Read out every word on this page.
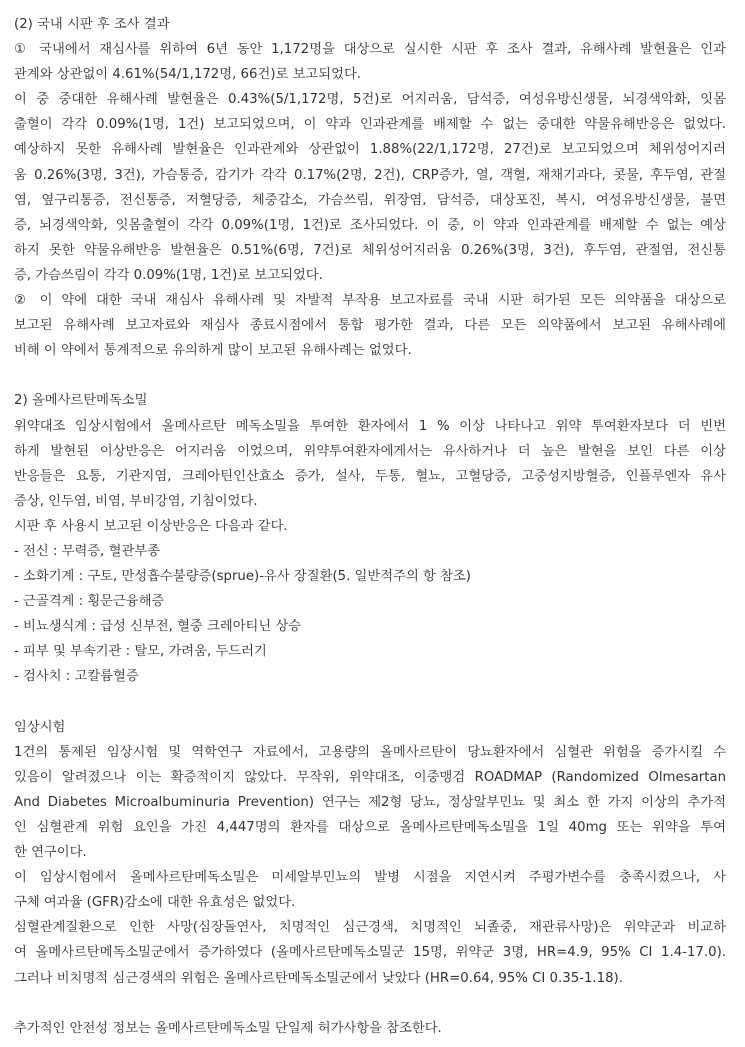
(2) 국내 시판 후 조사 결과
① 국내에서 재심사를 위하여 6년 동안 1,172명을 대상으로 실시한 시판 후 조사 결과, 유해사례 발현율은 인과
관계와 상관없이 4.61%(54/1,172명, 66건)로 보고되었다.
이 중 중대한 유해사례 발현율은 0.43%(5/1,172명, 5건)로 어지러움, 담석증, 여성유방신생물, 뇌경색악화, 잇몸
출혈이 각각 0.09%(1명, 1건) 보고되었으며, 이 약과 인과관계를 배제할 수 없는 중대한 약물유해반응은 없었다.
예상하지 못한 유해사례 발현율은 인과관계와 상관없이 1.88%(22/1,172명, 27건)로 보고되었으며 체위성어지러
움 0.26%(3명, 3건), 가슴통증, 감기가 각각 0.17%(2명, 2건), CRP증가, 열, 객혈, 재채기과다, 콧물, 후두염, 관절
염, 옆구리통증, 전신통증, 저혈당증, 체중감소, 가슴쓰림, 위장염, 담석증, 대상포진, 복시, 여성유방신생물, 불면
증, 뇌경색악화, 잇몸출혈이 각각 0.09%(1명, 1건)로 조사되었다. 이 중, 이 약과 인과관계를 배제할 수 없는 예상
하지 못한 약물유해반응 발현율은 0.51%(6명, 7건)로 체위성어지러움 0.26%(3명, 3건), 후두염, 관절염, 전신통
증, 가슴쓰림이 각각 0.09%(1명, 1건)로 보고되었다.
② 이 약에 대한 국내 재심사 유해사례 및 자발적 부작용 보고자료를 국내 시판 허가된 모든 의약품을 대상으로
보고된 유해사례 보고자료와 재심사 종료시점에서 통합 평가한 결과, 다른 모든 의약품에서 보고된 유해사례에
비해 이 약에서 통계적으로 유의하게 많이 보고된 유해사례는 없었다.
2) 올메사르탄메독소밀
위약대조 임상시험에서 올메사르탄 메독소밀을 투여한 환자에서 1 % 이상 나타나고 위약 투여환자보다 더 빈번
하게 발현된 이상반응은 어지러움 이었으며, 위약투여환자에게서는 유사하거나 더 높은 발현을 보인 다른 이상
반응들은 요통, 기관지염, 크레아틴인산효소 증가, 설사, 두통, 혈뇨, 고혈당증, 고중성지방혈증, 인플루엔자 유사
증상, 인두염, 비염, 부비강염, 기침이었다.
시판 후 사용시 보고된 이상반응은 다음과 같다.
- 전신 : 무력증, 혈관부종
- 소화기계 : 구토, 만성흡수불량증(sprue)-유사 장질환(5. 일반적주의 항 참조)
- 근골격계 : 횡문근융해증
- 비뇨생식계 : 급성 신부전, 혈중 크레아티닌 상승
- 피부 및 부속기관 : 탈모, 가려움, 두드러기
- 검사치 : 고칼륨혈증
임상시험
1건의 통제된 임상시험 및 역학연구 자료에서, 고용량의 올메사르탄이 당뇨환자에서 심혈관 위험을 증가시킬 수
있음이 알려졌으나 이는 확증적이지 않았다. 무작위, 위약대조, 이중맹검 ROADMAP (Randomized Olmesartan
And Diabetes Microalbuminuria Prevention) 연구는 제2형 당뇨, 정상알부민뇨 및 최소 한 가지 이상의 추가적
인 심혈관계 위험 요인을 가진 4,447명의 환자를 대상으로 올메사르탄메독소밀을 1일 40mg 또는 위약을 투여
한 연구이다.
이 임상시험에서 올메사르탄메독소밀은 미세알부민뇨의 발병 시점을 지연시켜 주평가변수를 충족시켰으나, 사
구체 여과율 (GFR)감소에 대한 유효성은 없었다.
심혈관계질환으로 인한 사망(심장돌연사, 치명적인 심근경색, 치명적인 뇌졸중, 재관류사망)은 위약군과 비교하
여 올메사르탄메독소밀군에서 증가하였다 (올메사르탄메독소밀군 15명, 위약군 3명, HR=4.9, 95% CI 1.4-17.0).
그러나 비치명적 심근경색의 위험은 올메사르탄메독소밀군에서 낮았다 (HR=0.64, 95% CI 0.35-1.18).
추가적인 안전성 정보는 올메사르탄메독소밀 단일제 허가사항을 참조한다.
